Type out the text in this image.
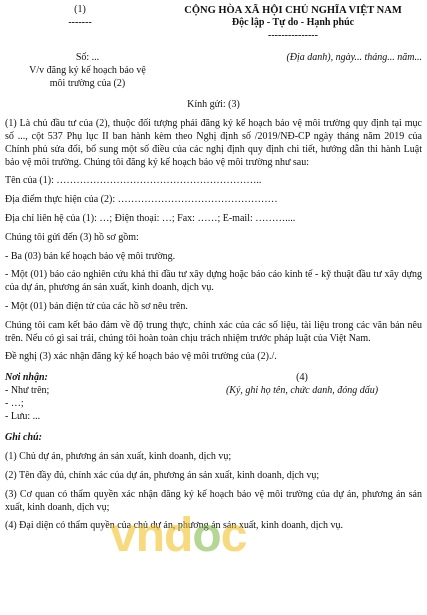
(1)
-------
CỘNG HÒA XÃ HỘI CHỦ NGHĨA VIỆT NAM
Độc lập - Tự do - Hạnh phúc
---------------
Số: ...
V/v đăng ký kế hoạch bảo vệ
môi trường của (2)
(Địa danh), ngày... tháng... năm...

Kính gửi: (3)

(1) Là chủ đầu tư của (2), thuộc đối tượng phải đăng ký kế hoạch bảo vệ môi trường quy định tại mục số ..., cột 537 Phụ lục II ban hành kèm theo Nghị định số /2019/NĐ-CP ngày tháng năm 2019 của Chính phủ sửa đổi, bổ sung một số điều của các nghị định quy định chi tiết, hướng dẫn thi hành Luật bảo vệ môi trường. Chúng tôi đăng ký kế hoạch bảo vệ môi trường như sau:

Tên của (1): ……………………………………………………..

Địa điểm thực hiện của (2): …………………………………………

Địa chỉ liên hệ của (1): …; Điện thoại: …; Fax: ……; E-mail: ………....

Chúng tôi gửi đến (3) hồ sơ gồm:

- Ba (03) bản kế hoạch bảo vệ môi trường.

- Một (01) báo cáo nghiên cứu khả thi đầu tư xây dựng hoặc báo cáo kinh tế - kỹ thuật đầu tư xây dựng của dự án, phương án sản xuất, kinh doanh, dịch vụ.

- Một (01) bản điện tử của các hồ sơ nêu trên.

Chúng tôi cam kết bảo đảm về độ trung thực, chính xác của các số liệu, tài liệu trong các văn bản nêu trên. Nếu có gì sai trái, chúng tôi hoàn toàn chịu trách nhiệm trước pháp luật của Việt Nam.

Đề nghị (3) xác nhận đăng ký kế hoạch bảo vệ môi trường của (2)./.

Nơi nhận:
- Như trên;
- …;
- Lưu: ...
(4)
(Ký, ghi họ tên, chức danh, đóng dấu)

Ghi chú:

(1) Chủ dự án, phương án sản xuất, kinh doanh, dịch vụ;

(2) Tên đầy đủ, chính xác của dự án, phương án sản xuất, kinh doanh, dịch vụ;

(3) Cơ quan có thẩm quyền xác nhận đăng ký kế hoạch bảo vệ môi trường của dự án, phương án sản xuất, kinh doanh, dịch vụ;

(4) Đại diện có thẩm quyền của chủ dự án, phương án sản xuất, kinh doanh, dịch vụ.

vndoc
